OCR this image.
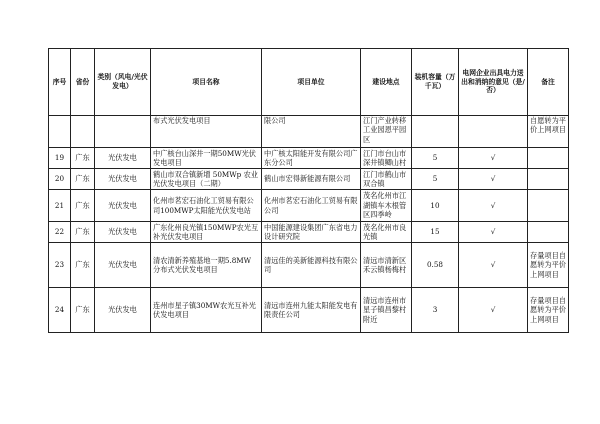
序号	省份	类别（风电/光伏发电）	项目名称	项目单位	建设地点	装机容量（万千瓦）	电网企业出具电力送出和消纳的意见（是/否）	备注
			布式光伏发电项目	限公司	江门产业转移工业园恩平园区			自愿转为平价上网项目
19	广东	光伏发电	中广核台山深井一期50MW光伏发电项目	中广核太阳能开发有限公司广东分公司	江门市台山市深井镇鲫山村	5	√	
20	广东	光伏发电	鹤山市双合镇新增 50MWp 农业光伏发电项目（二期）	鹤山市宏得新能源有限公司	江门市鹤山市双合镇	5	√	
21	广东	光伏发电	化州市茗宏石油化工贸易有限公司100MWP太阳能光伏发电站	化州市茗宏石油化工贸易有限公司	茂名化州市江湖镇车木根管区四季岭	10	√	
22	广东	光伏发电	广东化州良光镇150MWP农光互补光伏发电项目	中国能源建设集团广东省电力设计研究院	茂名化州市良光镇	15	√	
23	广东	光伏发电	清农清新养殖基地一期5.8MW 分布式光伏发电项目	清远佳的美新能源科技有限公司	清远市清新区禾云镇杨梅村	0.58	√	存量项目自愿转为平价上网项目
24	广东	光伏发电	连州市星子镇30MW农光互补光伏发电项目	清远市连州九能太阳能发电有限责任公司	清远市连州市星子镇昌黎村附近	3	√	存量项目自愿转为平价上网项目
